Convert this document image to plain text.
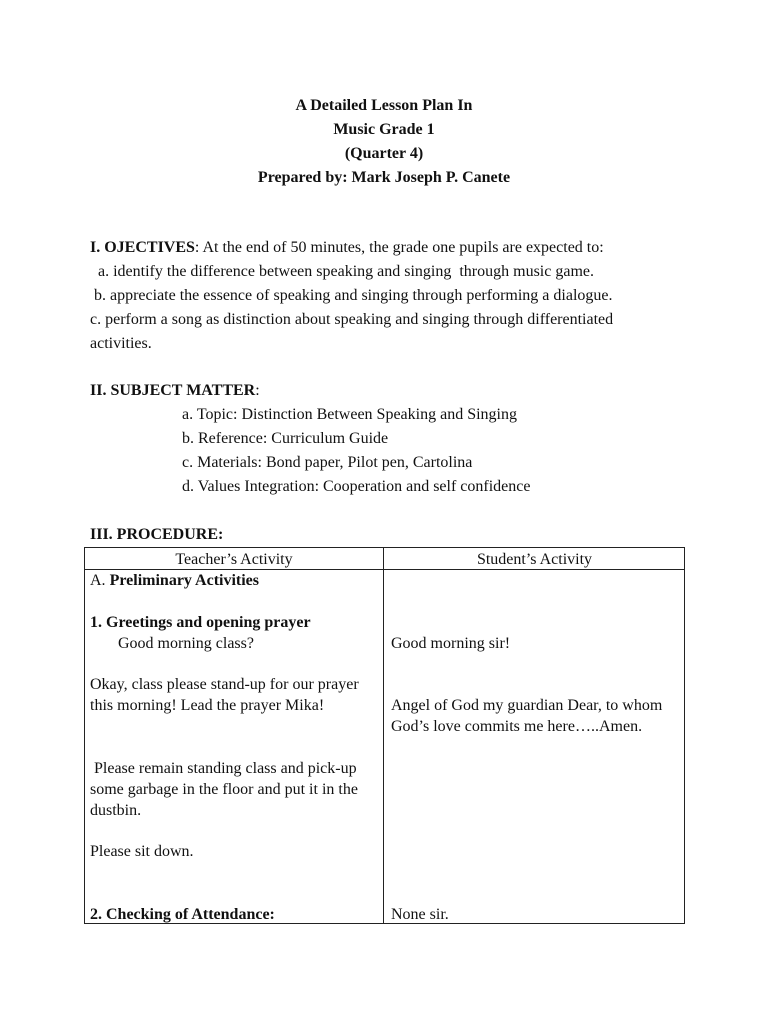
A Detailed Lesson Plan In
Music Grade 1
(Quarter 4)
Prepared by: Mark Joseph P. Canete
I. OJECTIVES: At the end of 50 minutes, the grade one pupils are expected to:
a. identify the difference between speaking and singing  through music game.
b. appreciate the essence of speaking and singing through performing a dialogue.
c. perform a song as distinction about speaking and singing through differentiated
activities.
II. SUBJECT MATTER:
a. Topic: Distinction Between Speaking and Singing
b. Reference: Curriculum Guide
c. Materials: Bond paper, Pilot pen, Cartolina
d. Values Integration: Cooperation and self confidence
III. PROCEDURE:
Teacher’s Activity	Student’s Activity
A. Preliminary Activities
1. Greetings and opening prayer
Good morning class?
Okay, class please stand-up for our prayer this morning! Lead the prayer Mika!
Please remain standing class and pick-up some garbage in the floor and put it in the dustbin.
Please sit down.
2. Checking of Attendance:
Good morning sir!
Angel of God my guardian Dear, to whom God’s love commits me here…..Amen.
None sir.
